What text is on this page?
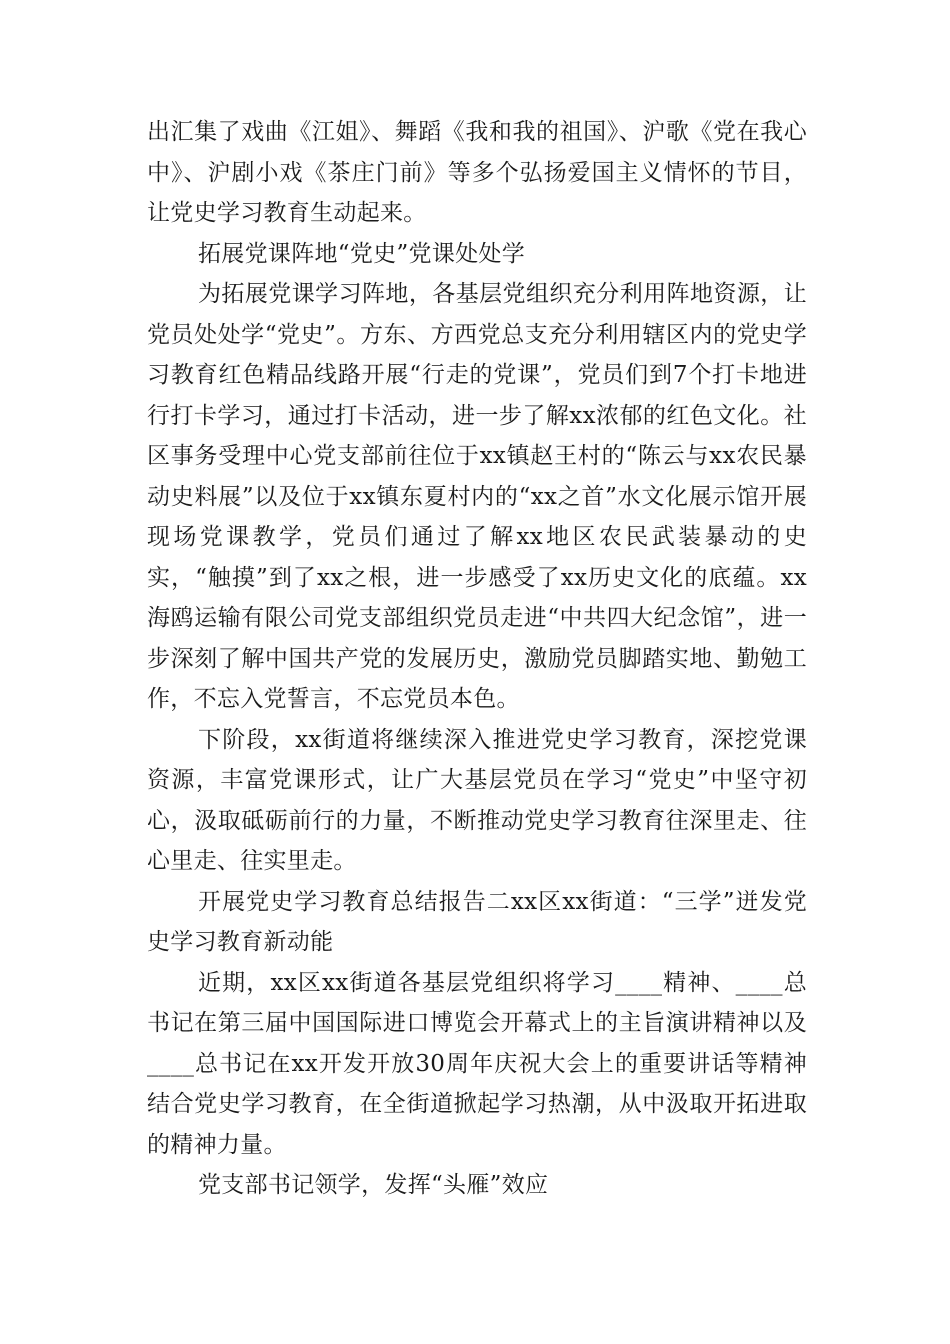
出汇集了戏曲《江姐》、舞蹈《我和我的祖国》、沪歌《党在我心中》、沪剧小戏《茶庄门前》等多个弘扬爱国主义情怀的节目，让党史学习教育生动起来。

拓展党课阵地“党史”党课处处学

为拓展党课学习阵地，各基层党组织充分利用阵地资源，让党员处处学“党史”。方东、方西党总支充分利用辖区内的党史学习教育红色精品线路开展“行走的党课”，党员们到7个打卡地进行打卡学习，通过打卡活动，进一步了解xx浓郁的红色文化。社区事务受理中心党支部前往位于xx镇赵王村的“陈云与xx农民暴动史料展”以及位于xx镇东夏村内的“xx之首”水文化展示馆开展现场党课教学，党员们通过了解xx地区农民武装暴动的史实，“触摸”到了xx之根，进一步感受了xx历史文化的底蕴。xx海鸥运输有限公司党支部组织党员走进“中共四大纪念馆”，进一步深刻了解中国共产党的发展历史，激励党员脚踏实地、勤勉工作，不忘入党誓言，不忘党员本色。

下阶段，xx街道将继续深入推进党史学习教育，深挖党课资源，丰富党课形式，让广大基层党员在学习“党史”中坚守初心，汲取砥砺前行的力量，不断推动党史学习教育往深里走、往心里走、往实里走。

开展党史学习教育总结报告二xx区xx街道：“三学”迸发党史学习教育新动能

近期，xx区xx街道各基层党组织将学习____精神、____总书记在第三届中国国际进口博览会开幕式上的主旨演讲精神以及____总书记在xx开发开放30周年庆祝大会上的重要讲话等精神结合党史学习教育，在全街道掀起学习热潮，从中汲取开拓进取的精神力量。

党支部书记领学，发挥“头雁”效应
